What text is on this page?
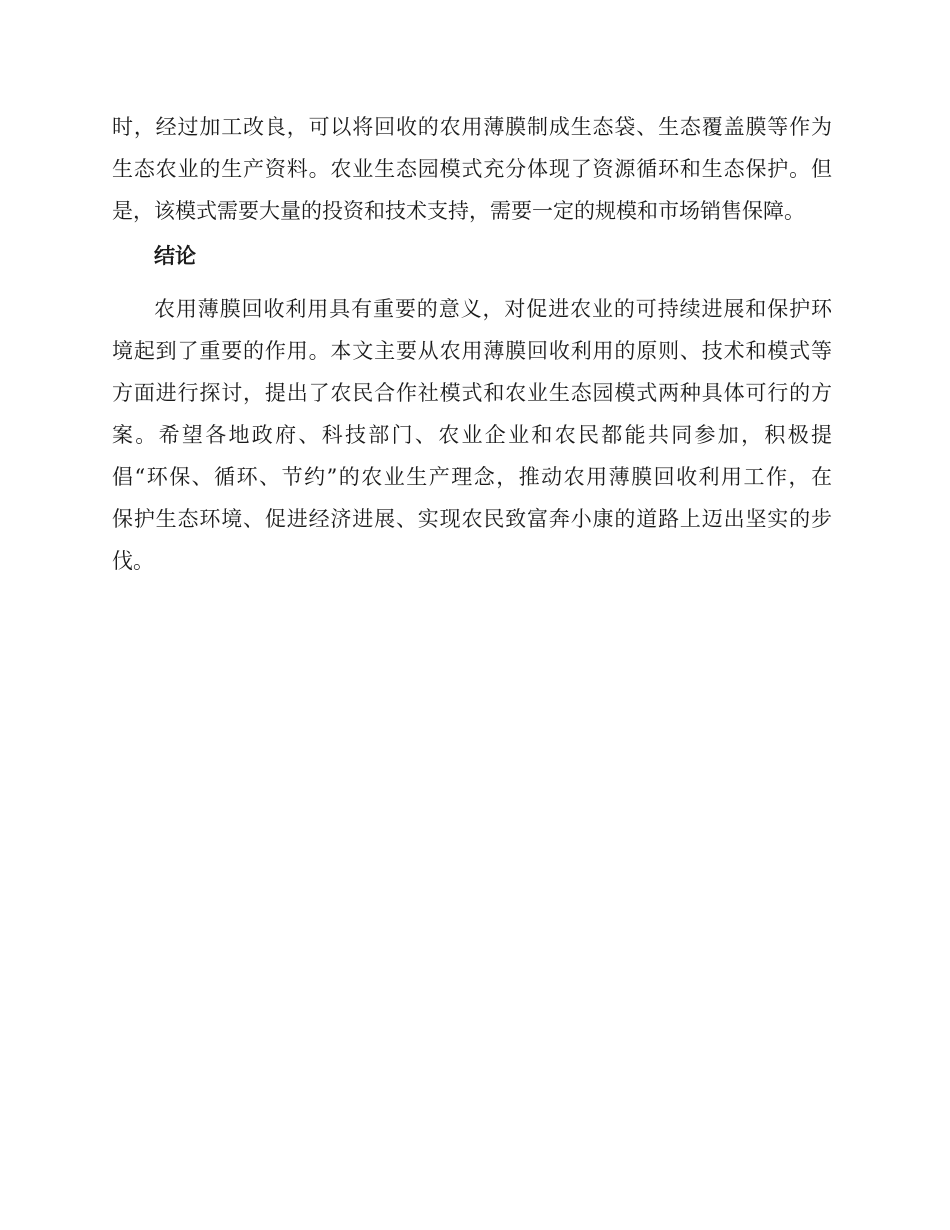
时，经过加工改良，可以将回收的农用薄膜制成生态袋、生态覆盖膜等作为
生态农业的生产资料。农业生态园模式充分体现了资源循环和生态保护。但
是，该模式需要大量的投资和技术支持，需要一定的规模和市场销售保障。
结论
农用薄膜回收利用具有重要的意义，对促进农业的可持续进展和保护环
境起到了重要的作用。本文主要从农用薄膜回收利用的原则、技术和模式等
方面进行探讨，提出了农民合作社模式和农业生态园模式两种具体可行的方
案。希望各地政府、科技部门、农业企业和农民都能共同参加，积极提
倡“环保、循环、节约”的农业生产理念，推动农用薄膜回收利用工作，在
保护生态环境、促进经济进展、实现农民致富奔小康的道路上迈出坚实的步
伐。
